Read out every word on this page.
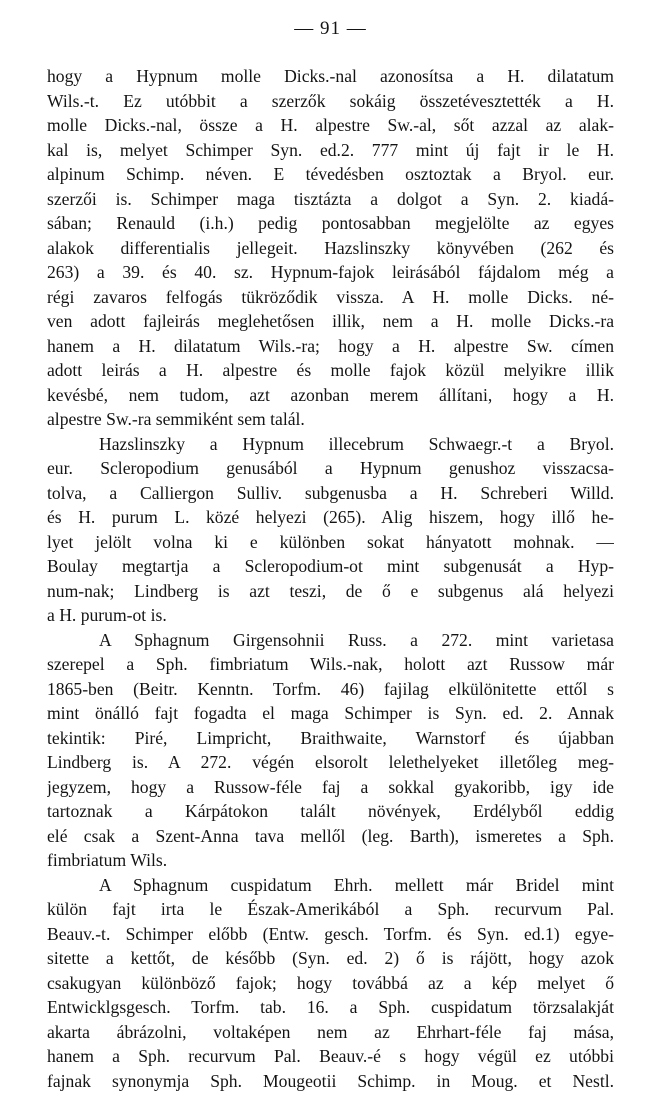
— 91 —
hogy a Hypnum molle Dicks.-nal azonosítsa a H. dilatatum
Wils.-t. Ez utóbbit a szerzők sokáig összetévesztették a H.
molle Dicks.-nal, össze a H. alpestre Sw.-al, sőt azzal az alak-
kal is, melyet Schimper Syn. ed.2. 777 mint új fajt ir le H.
alpinum Schimp. néven. E tévedésben osztoztak a Bryol. eur.
szerzői is. Schimper maga tisztázta a dolgot a Syn. 2. kiadá-
sában; Renauld (i.h.) pedig pontosabban megjelölte az egyes
alakok differentialis jellegeit. Hazslinszky könyvében (262 és
263) a 39. és 40. sz. Hypnum-fajok leirásából fájdalom még a
régi zavaros felfogás tükröződik vissza. A H. molle Dicks. né-
ven adott fajleirás meglehetősen illik, nem a H. molle Dicks.-ra
hanem a H. dilatatum Wils.-ra; hogy a H. alpestre Sw. címen
adott leirás a H. alpestre és molle fajok közül melyikre illik
kevésbé, nem tudom, azt azonban merem állítani, hogy a H.
alpestre Sw.-ra semmiként sem talál.
Hazslinszky a Hypnum illecebrum Schwaegr.-t a Bryol.
eur. Scleropodium genusából a Hypnum genushoz visszacsa-
tolva, a Calliergon Sulliv. subgenusba a H. Schreberi Willd.
és H. purum L. közé helyezi (265). Alig hiszem, hogy illő he-
lyet jelölt volna ki e különben sokat hányatott mohnak. —
Boulay megtartja a Scleropodium-ot mint subgenusát a Hyp-
num-nak; Lindberg is azt teszi, de ő e subgenus alá helyezi
a H. purum-ot is.
A Sphagnum Girgensohnii Russ. a 272. mint varietasa
szerepel a Sph. fimbriatum Wils.-nak, holott azt Russow már
1865-ben (Beitr. Kenntn. Torfm. 46) fajilag elkülönitette ettől s
mint önálló fajt fogadta el maga Schimper is Syn. ed. 2. Annak
tekintik: Piré, Limpricht, Braithwaite, Warnstorf és újabban
Lindberg is. A 272. végén elsorolt lelethelyeket illetőleg meg-
jegyzem, hogy a Russow-féle faj a sokkal gyakoribb, igy ide
tartoznak a Kárpátokon talált növények, Erdélyből eddig
elé csak a Szent-Anna tava mellől (leg. Barth), ismeretes a Sph.
fimbriatum Wils.
A Sphagnum cuspidatum Ehrh. mellett már Bridel mint
külön fajt irta le Észak-Amerikából a Sph. recurvum Pal.
Beauv.-t. Schimper előbb (Entw. gesch. Torfm. és Syn. ed.1) egye-
sitette a kettőt, de később (Syn. ed. 2) ő is rájött, hogy azok
csakugyan különböző fajok; hogy továbbá az a kép melyet ő
Entwicklgsgesch. Torfm. tab. 16. a Sph. cuspidatum törzsalakját
akarta ábrázolni, voltaképen nem az Ehrhart-féle faj mása,
hanem a Sph. recurvum Pal. Beauv.-é s hogy végül ez utóbbi
fajnak synonymja Sph. Mougeotii Schimp. in Moug. et Nestl.
